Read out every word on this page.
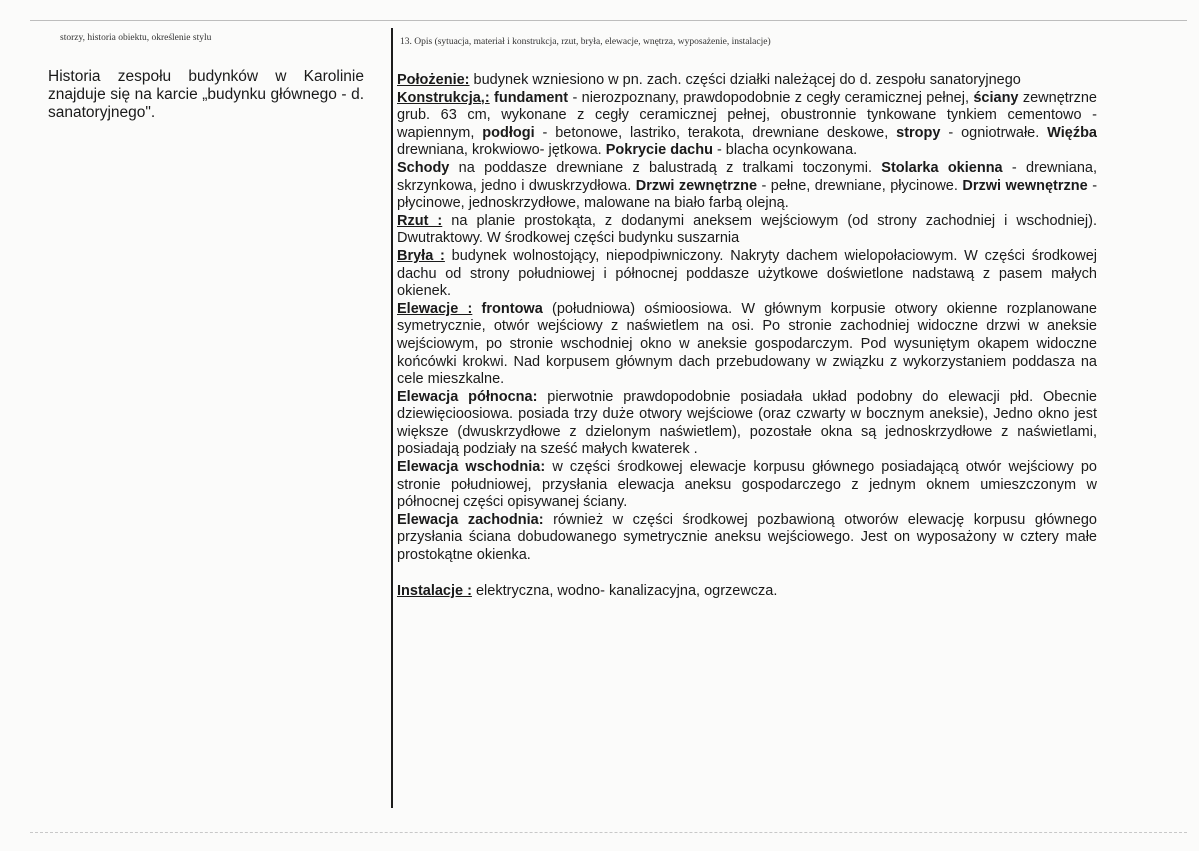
storzy, historia obiektu, określenie stylu	13. Opis (sytuacja, materiał i konstrukcja, rzut, bryła, elewacje, wnętrza, wyposażenie, instalacje)
Historia zespołu budynków w Karolinie znajduje się na karcie „budynku głównego - d. sanatoryjnego".

Położenie: budynek wzniesiono w pn. zach. części działki należącej do d. zespołu sanatoryjnego

Konstrukcja,: fundament - nierozpoznany, prawdopodobnie z cegły ceramicznej pełnej, ściany zewnętrzne grub. 63 cm, wykonane z cegły ceramicznej pełnej, obustronnie tynkowane tynkiem cementowo - wapiennym, podłogi - betonowe, lastriko, terakota, drewniane deskowe, stropy - ogniotrwałe. Więźba drewniana, krokwiowo- jętkowa. Pokrycie dachu - blacha ocynkowana.

Schody na poddasze drewniane z balustradą z tralkami toczonymi. Stolarka okienna - drewniana, skrzynkowa, jedno i dwuskrzydłowa. Drzwi zewnętrzne - pełne, drewniane, płycinowe. Drzwi wewnętrzne - płycinowe, jednoskrzydłowe, malowane na biało farbą olejną.

Rzut : na planie prostokąta, z dodanymi aneksem wejściowym (od strony zachodniej i wschodniej). Dwutraktowy. W środkowej części budynku suszarnia

Bryła : budynek wolnostojący, niepodpiwniczony. Nakryty dachem wielopołaciowym. W części środkowej dachu od strony południowej i północnej poddasze użytkowe doświetlone nadstawą z pasem małych okienek.

Elewacje : frontowa (południowa) ośmioosiowa. W głównym korpusie otwory okienne rozplanowane symetrycznie, otwór wejściowy z naświetlem na osi. Po stronie zachodniej widoczne drzwi w aneksie wejściowym, po stronie wschodniej okno w aneksie gospodarczym. Pod wysuniętym okapem widoczne końcówki krokwi. Nad korpusem głównym dach przebudowany w związku z wykorzystaniem poddasza na cele mieszkalne.

Elewacja północna: pierwotnie prawdopodobnie posiadała układ podobny do elewacji płd. Obecnie dziewięcioosiowa. posiada trzy duże otwory wejściowe (oraz czwarty w bocznym aneksie), Jedno okno jest większe (dwuskrzydłowe z dzielonym naświetlem), pozostałe okna są jednoskrzydłowe z naświetlami, posiadają podziały na sześć małych kwaterek .

Elewacja wschodnia: w części środkowej elewacje korpusu głównego posiadającą otwór wejściowy po stronie południowej, przysłania elewacja aneksu gospodarczego z jednym oknem umieszczonym w północnej części opisywanej ściany.

Elewacja zachodnia: również w części środkowej pozbawioną otworów elewację korpusu głównego przysłania ściana dobudowanego symetrycznie aneksu wejściowego. Jest on wyposażony w cztery małe prostokątne okienka.

Instalacje : elektryczna, wodno- kanalizacyjna, ogrzewcza.
